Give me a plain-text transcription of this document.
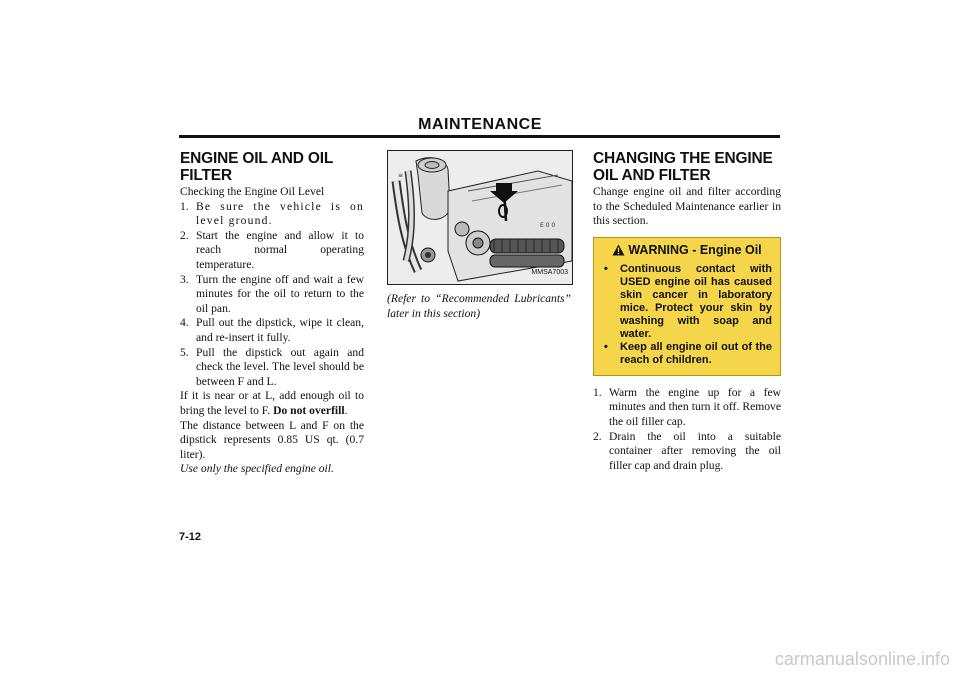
MAINTENANCE
ENGINE OIL AND OIL FILTER

Checking the Engine Oil Level

1. Be sure the vehicle is on level ground.
2. Start the engine and allow it to reach normal operating temperature.
3. Turn the engine off and wait a few minutes for the oil to return to the oil pan.
4. Pull out the dipstick, wipe it clean, and re-insert it fully.
5. Pull the dipstick out again and check the level. The level should be between F and L.

If it is near or at L, add enough oil to bring the level to F. Do not overfill.

The distance between L and F on the dipstick represents 0.85 US qt. (0.7 liter).

Use only the specified engine oil.

E 0 0
≡
MMSA7003

(Refer to “Recommended Lubricants” later in this section)

CHANGING THE ENGINE OIL AND FILTER

Change engine oil and filter according to the Scheduled Maintenance earlier in this section.

WARNING - Engine Oil
• Continuous contact with USED engine oil has caused skin cancer in laboratory mice. Protect your skin by washing with soap and water.
• Keep all engine oil out of the reach of children.
1. Warm the engine up for a few minutes and then turn it off. Remove the oil filler cap.
2. Drain the oil into a suitable container after removing the oil filler cap and drain plug.
7-12
carmanualsonline.info
